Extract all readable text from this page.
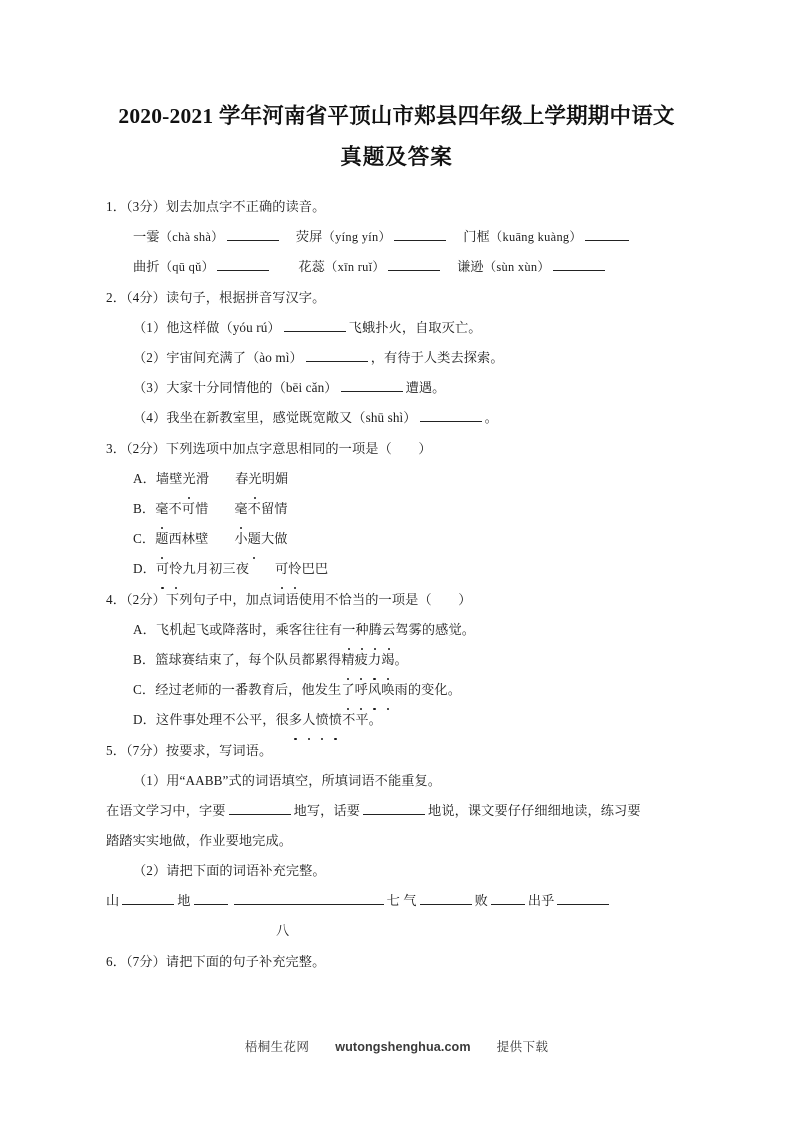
2020-2021 学年河南省平顶山市郏县四年级上学期期中语文
真题及答案
1．（3分）划去加点字不正确的读音。
一霎（chà shà）	荧屏（yíng yín）	门框（kuāng kuàng）
曲折（qū qǔ）	花蕊（xīn ruǐ）	谦逊（sùn xùn）
2．（4分）读句子，根据拼音写汉字。
（1）他这样做（yóu rú）	飞蛾扑火，自取灭亡。
（2）宇宙间充满了（ào mì）	，有待于人类去探索。
（3）大家十分同情他的（bēi cǎn）	遭遇。
（4）我坐在新教室里，感觉既宽敞又（shū shì）	。
3．（2分）下列选项中加点字意思相同的一项是（　　）
A．墙壁光滑 春光明媚
B．毫不可惜 毫不留情
C．题西林壁 小题大做
D．可怜九月初三夜 可怜巴巴
4．（2分）下列句子中，加点词语使用不恰当的一项是（　　）
A．飞机起飞或降落时，乘客往往有一种腾云驾雾的感觉。
B．篮球赛结束了，每个队员都累得精疲力竭。
C．经过老师的一番教育后，他发生了呼风唤雨的变化。
D．这件事处理不公平，很多人愤愤不平。
5．（7分）按要求，写词语。
（1）用“AABB”式的词语填空，所填词语不能重复。
在语文学习中，字要	地写，话要	地说，课文要仔仔细细地读，练习要
踏踏实实地做，作业要地完成。
（2）请把下面的词语补充完整。
山	地	七 气	败	出乎
八
6．（7分）请把下面的句子补充完整。
梧桐生花网 wutongshenghua.com 提供下载
